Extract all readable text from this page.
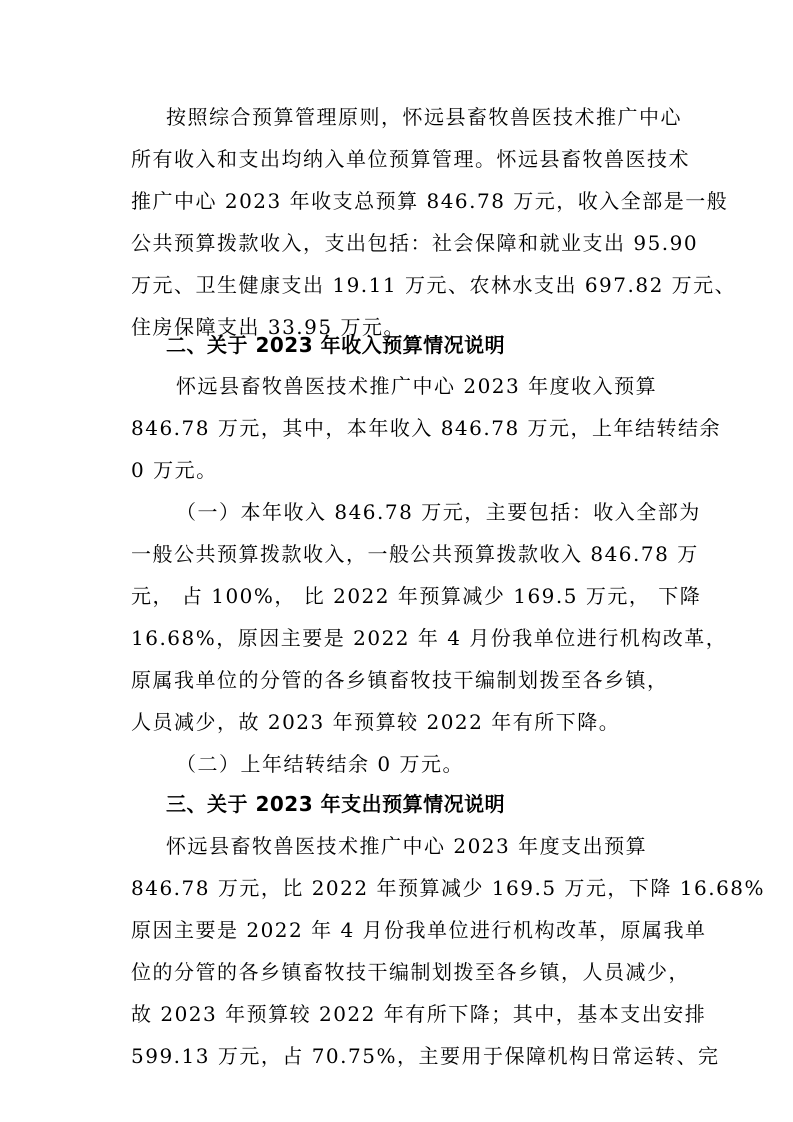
按照综合预算管理原则，怀远县畜牧兽医技术推广中心
所有收入和支出均纳入单位预算管理。怀远县畜牧兽医技术
推广中心 2023 年收支总预算 846.78 万元，收入全部是一般
公共预算拨款收入，支出包括：社会保障和就业支出 95.90
万元、卫生健康支出 19.11 万元、农林水支出 697.82 万元、
住房保障支出 33.95 万元。
二、关于 2023 年收入预算情况说明
怀远县畜牧兽医技术推广中心 2023 年度收入预算
846.78 万元，其中，本年收入 846.78 万元，上年结转结余
0 万元。
（一）本年收入 846.78 万元，主要包括：收入全部为
一般公共预算拨款收入，一般公共预算拨款收入 846.78 万
元， 占 100%， 比 2022 年预算减少 169.5 万元， 下降
16.68%，原因主要是 2022 年 4 月份我单位进行机构改革，
原属我单位的分管的各乡镇畜牧技干编制划拨至各乡镇，
人员减少，故 2023 年预算较 2022 年有所下降。
（二）上年结转结余 0 万元。
三、关于 2023 年支出预算情况说明
怀远县畜牧兽医技术推广中心 2023 年度支出预算
846.78 万元，比 2022 年预算减少 169.5 万元，下降 16.68%
原因主要是 2022 年 4 月份我单位进行机构改革，原属我单
位的分管的各乡镇畜牧技干编制划拨至各乡镇，人员减少，
故 2023 年预算较 2022 年有所下降；其中，基本支出安排
599.13 万元，占 70.75%，主要用于保障机构日常运转、完
